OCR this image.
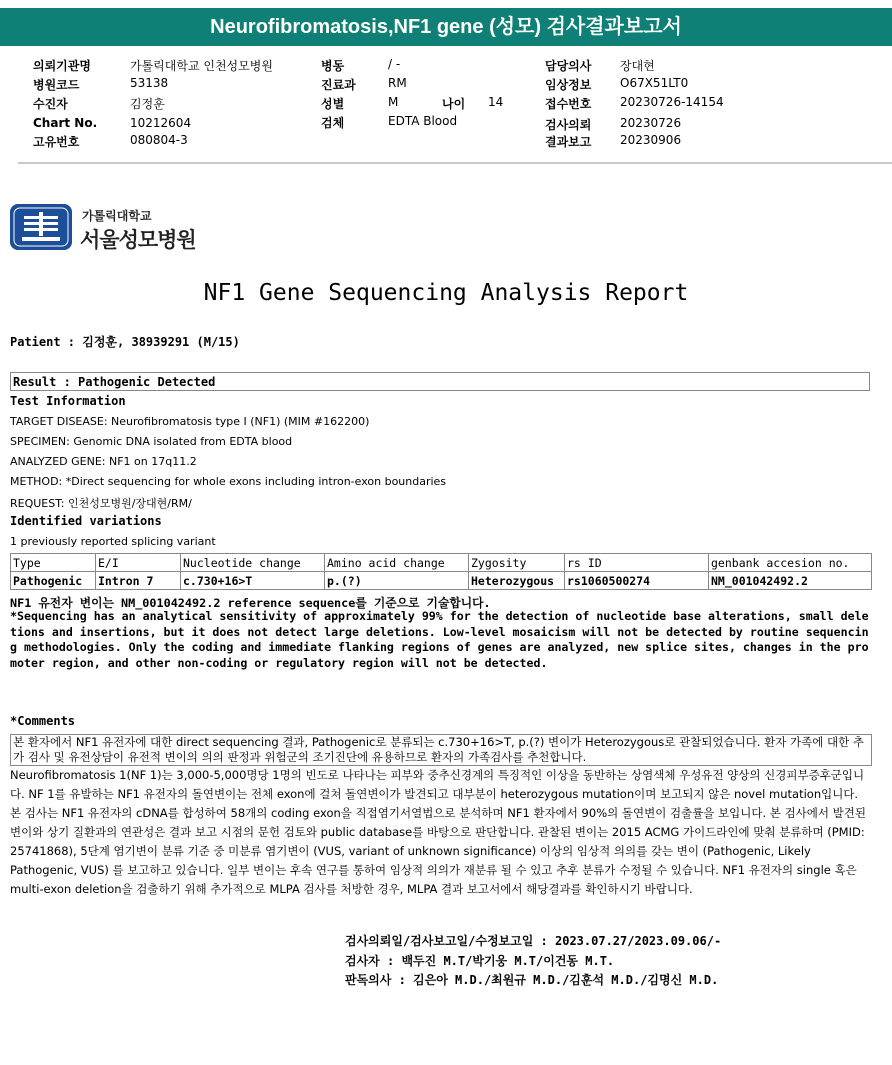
Neurofibromatosis,NF1 gene (성모) 검사결과보고서
의뢰기관명	가톨릭대학교 인천성모병원
병원코드	53138
수진자	김정훈
Chart No.	10212604
고유번호	080804-3
병동	/ -
진료과	RM
성별	M	나이 14
검체	EDTA Blood
담당의사 장대현
임상정보 O67X51LT0
접수번호 20230726-14154
검사의뢰 20230726
결과보고 20230906
가톨릭대학교
서울성모병원
NF1 Gene Sequencing Analysis Report
Patient : 김정훈, 38939291 (M/15)
Result : Pathogenic Detected
Test Information
TARGET DISEASE: Neurofibromatosis type I (NF1) (MIM #162200)
SPECIMEN: Genomic DNA isolated from EDTA blood
ANALYZED GENE: NF1 on 17q11.2
METHOD: *Direct sequencing for whole exons including intron-exon boundaries
REQUEST: 인천성모병원/장대현/RM/
Identified variations
1 previously reported splicing variant
Type	E/I	Nucleotide change	Amino acid change	Zygosity	rs ID	genbank accesion no.
Pathogenic	Intron 7	c.730+16>T	p.(?)	Heterozygous	rs1060500274	NM_001042492.2
NF1 유전자 변이는 NM_001042492.2 reference sequence를 기준으로 기술합니다.
*Sequencing has an analytical sensitivity of approximately 99% for the detection of nucleotide base alterations, small deletions and insertions, but it does not detect large deletions. Low-level mosaicism will not be detected by routine sequencing methodologies. Only the coding and immediate flanking regions of genes are analyzed, new splice sites, changes in the promoter region, and other non-coding or regulatory region will not be detected.
*Comments
본 환자에서 NF1 유전자에 대한 direct sequencing 결과, Pathogenic로 분류되는 c.730+16>T, p.(?) 변이가 Heterozygous로 관찰되었습니다. 환자 가족에 대한 추가 검사 및 유전상담이 유전적 변이의 의의 판정과 위험군의 조기진단에 유용하므로 환자의 가족검사를 추천합니다.
Neurofibromatosis 1(NF 1)는 3,000-5,000명당 1명의 빈도로 나타나는 피부와 중추신경계의 특징적인 이상을 동반하는 상염색체 우성유전 양상의 신경피부증후군입니다. NF 1를 유발하는 NF1 유전자의 돌연변이는 전체 exon에 걸쳐 돌연변이가 발견되고 대부분이 heterozygous mutation이며 보고되지 않은 novel mutation입니다. 본 검사는 NF1 유전자의 cDNA를 합성하여 58개의 coding exon을 직접염기서열법으로 분석하며 NF1 환자에서 90%의 돌연변이 검출률을 보입니다. 본 검사에서 발견된 변이와 상기 질환과의 연관성은 결과 보고 시점의 문헌 검토와 public database를 바탕으로 판단합니다. 관찰된 변이는 2015 ACMG 가이드라인에 맞춰 분류하며 (PMID: 25741868), 5단계 염기변이 분류 기준 중 미분류 염기변이 (VUS, variant of unknown significance) 이상의 임상적 의의를 갖는 변이 (Pathogenic, Likely Pathogenic, VUS) 를 보고하고 있습니다. 일부 변이는 후속 연구를 통하여 임상적 의의가 재분류 될 수 있고 추후 분류가 수정될 수 있습니다. NF1 유전자의 single 혹은 multi-exon deletion을 검출하기 위해 추가적으로 MLPA 검사를 처방한 경우, MLPA 결과 보고서에서 해당결과를 확인하시기 바랍니다.
검사의뢰일/검사보고일/수정보고일 : 2023.07.27/2023.09.06/-
검사자 : 백두진 M.T/박기웅 M.T/이건동 M.T.
판독의사 : 김은아 M.D./최원규 M.D./김훈석 M.D./김명신 M.D.
